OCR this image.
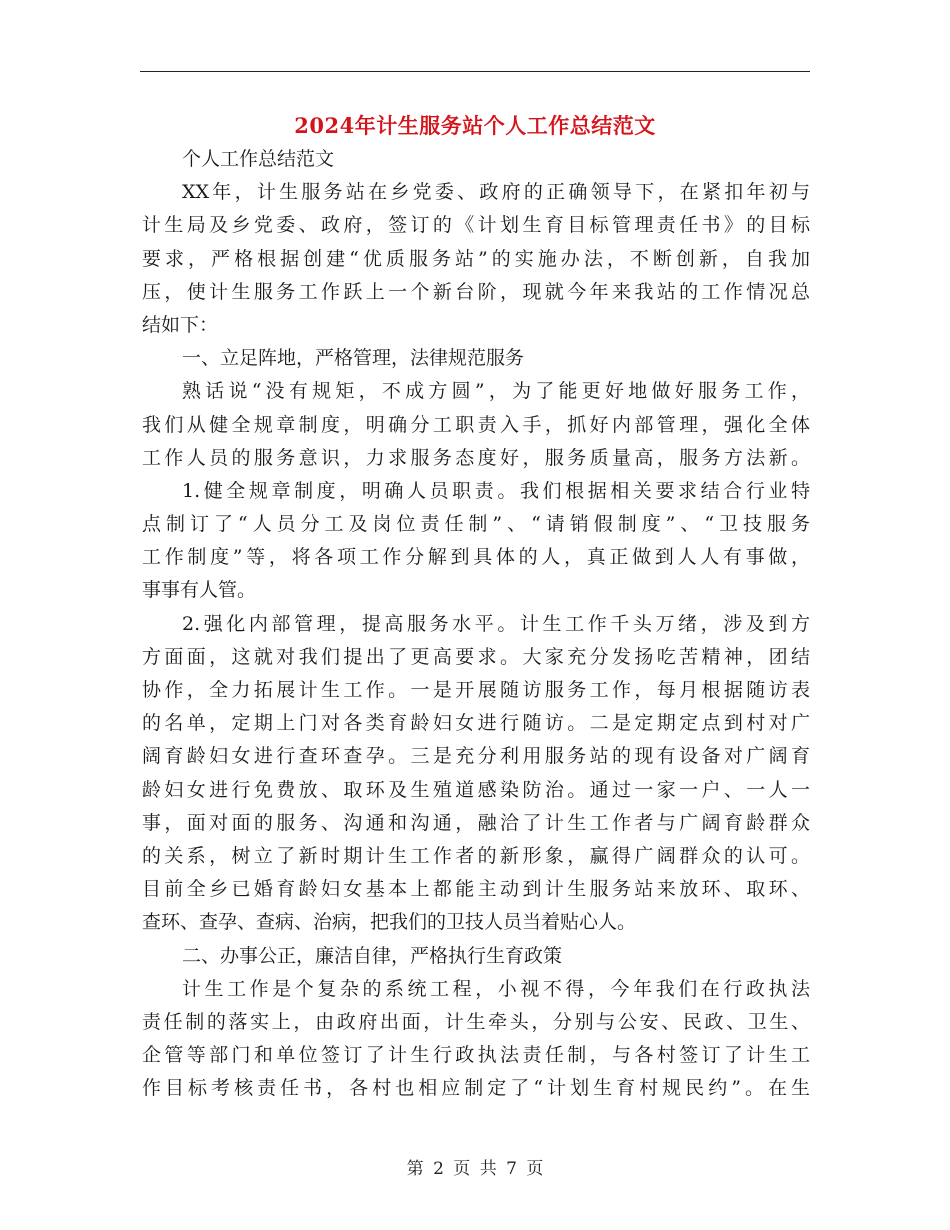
2024年计生服务站个人工作总结范文
个人工作总结范文
XX年，计生服务站在乡党委、政府的正确领导下，在紧扣年初与
计生局及乡党委、政府，签订的《计划生育目标管理责任书》的目标
要求，严格根据创建“优质服务站”的实施办法，不断创新，自我加
压，使计生服务工作跃上一个新台阶，现就今年来我站的工作情况总
结如下：
一、立足阵地，严格管理，法律规范服务
熟话说“没有规矩，不成方圆”，为了能更好地做好服务工作，
我们从健全规章制度，明确分工职责入手，抓好内部管理，强化全体
工作人员的服务意识，力求服务态度好，服务质量高，服务方法新。
1.健全规章制度，明确人员职责。我们根据相关要求结合行业特
点制订了“人员分工及岗位责任制”、“请销假制度”、“卫技服务
工作制度”等，将各项工作分解到具体的人，真正做到人人有事做，
事事有人管。
2.强化内部管理，提高服务水平。计生工作千头万绪，涉及到方
方面面，这就对我们提出了更高要求。大家充分发扬吃苦精神，团结
协作，全力拓展计生工作。一是开展随访服务工作，每月根据随访表
的名单，定期上门对各类育龄妇女进行随访。二是定期定点到村对广
阔育龄妇女进行查环查孕。三是充分利用服务站的现有设备对广阔育
龄妇女进行免费放、取环及生殖道感染防治。通过一家一户、一人一
事，面对面的服务、沟通和沟通，融洽了计生工作者与广阔育龄群众
的关系，树立了新时期计生工作者的新形象，赢得广阔群众的认可。
目前全乡已婚育龄妇女基本上都能主动到计生服务站来放环、取环、
查环、查孕、查病、治病，把我们的卫技人员当着贴心人。
二、办事公正，廉洁自律，严格执行生育政策
计生工作是个复杂的系统工程，小视不得，今年我们在行政执法
责任制的落实上，由政府出面，计生牵头，分别与公安、民政、卫生、
企管等部门和单位签订了计生行政执法责任制，与各村签订了计生工
作目标考核责任书，各村也相应制定了“计划生育村规民约”。在生
第 2 页 共 7 页
